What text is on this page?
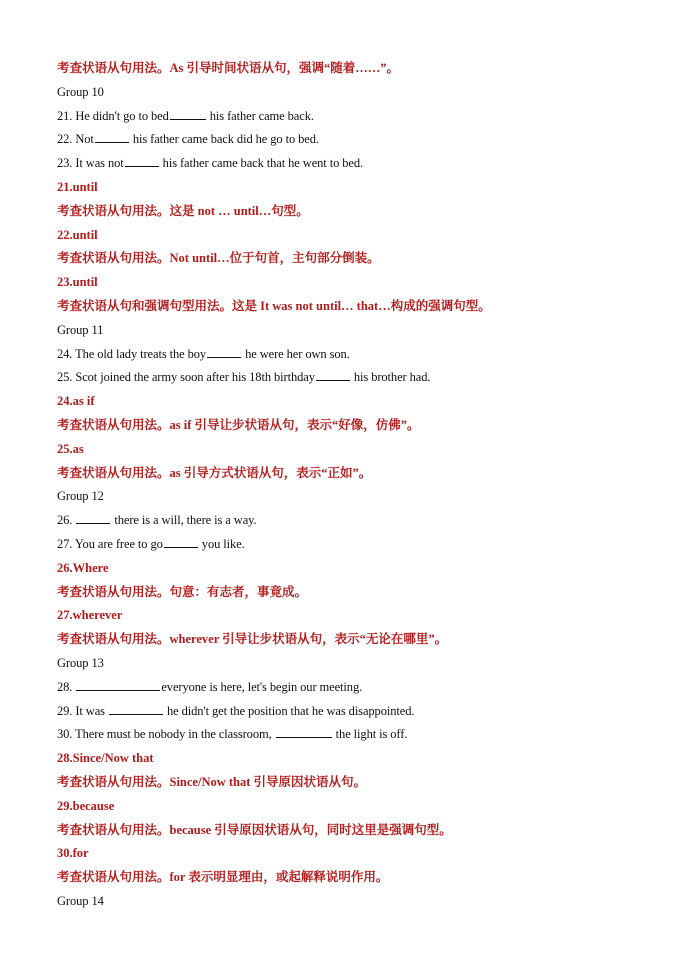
考查状语从句用法。As 引导时间状语从句，强调“随着……”。
Group 10
21. He didn't go to bed	his father came back.
22. Not	his father came back did he go to bed.
23. It was not	his father came back that he went to bed.
21.until
考查状语从句用法。这是 not … until…句型。
22.until
考查状语从句用法。Not until…位于句首，主句部分倒装。
23.until
考查状语从句和强调句型用法。这是 It was not until… that…构成的强调句型。
Group 11
24. The old lady treats the boy	he were her own son.
25. Scot joined the army soon after his 18th birthday	his brother had.
24.as if
考查状语从句用法。as if 引导让步状语从句，表示“好像，仿佛”。
25.as
考查状语从句用法。as 引导方式状语从句，表示“正如”。
Group 12
26.	there is a will, there is a way.
27. You are free to go	you like.
26.Where
考查状语从句用法。句意：有志者，事竟成。
27.wherever
考查状语从句用法。wherever 引导让步状语从句，表示“无论在哪里”。
Group 13
28.	everyone is here, let's begin our meeting.
29. It was	he didn't get the position that he was disappointed.
30. There must be nobody in the classroom,	the light is off.
28.Since/Now that
考查状语从句用法。Since/Now that 引导原因状语从句。
29.because
考查状语从句用法。because 引导原因状语从句，同时这里是强调句型。
30.for
考查状语从句用法。for 表示明显理由，或起解释说明作用。
Group 14
